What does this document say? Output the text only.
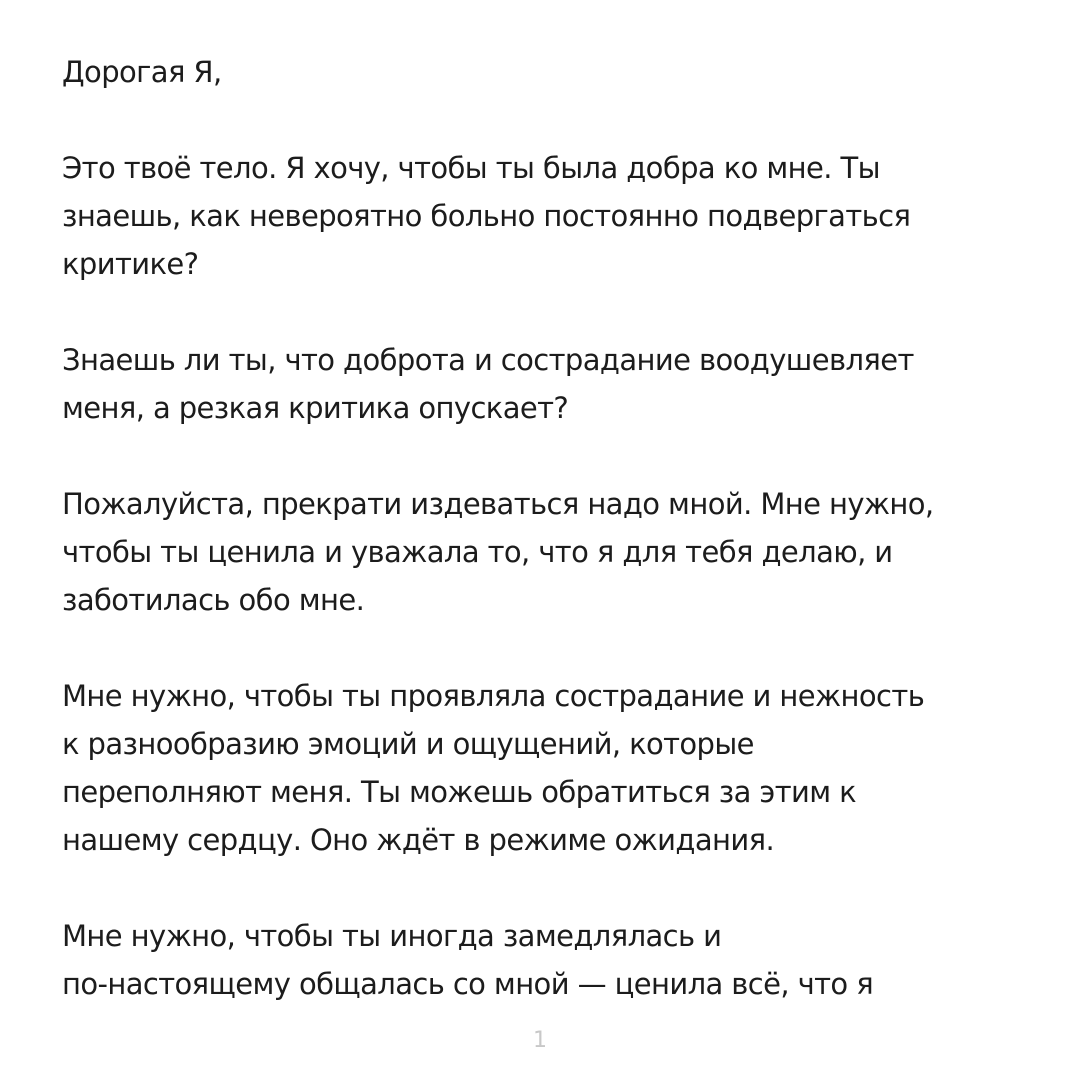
Дорогая Я,

Это твоё тело. Я хочу, чтобы ты была добра ко мне. Ты
знаешь, как невероятно больно постоянно подвергаться
критике?

Знаешь ли ты, что доброта и сострадание воодушевляет
меня, а резкая критика опускает?

Пожалуйста, прекрати издеваться надо мной. Мне нужно,
чтобы ты ценила и уважала то, что я для тебя делаю, и
заботилась обо мне.

Мне нужно, чтобы ты проявляла сострадание и нежность
к разнообразию эмоций и ощущений, которые
переполняют меня. Ты можешь обратиться за этим к
нашему сердцу. Оно ждёт в режиме ожидания.

Мне нужно, чтобы ты иногда замедлялась и
по-настоящему общалась со мной — ценила всё, что я

1
